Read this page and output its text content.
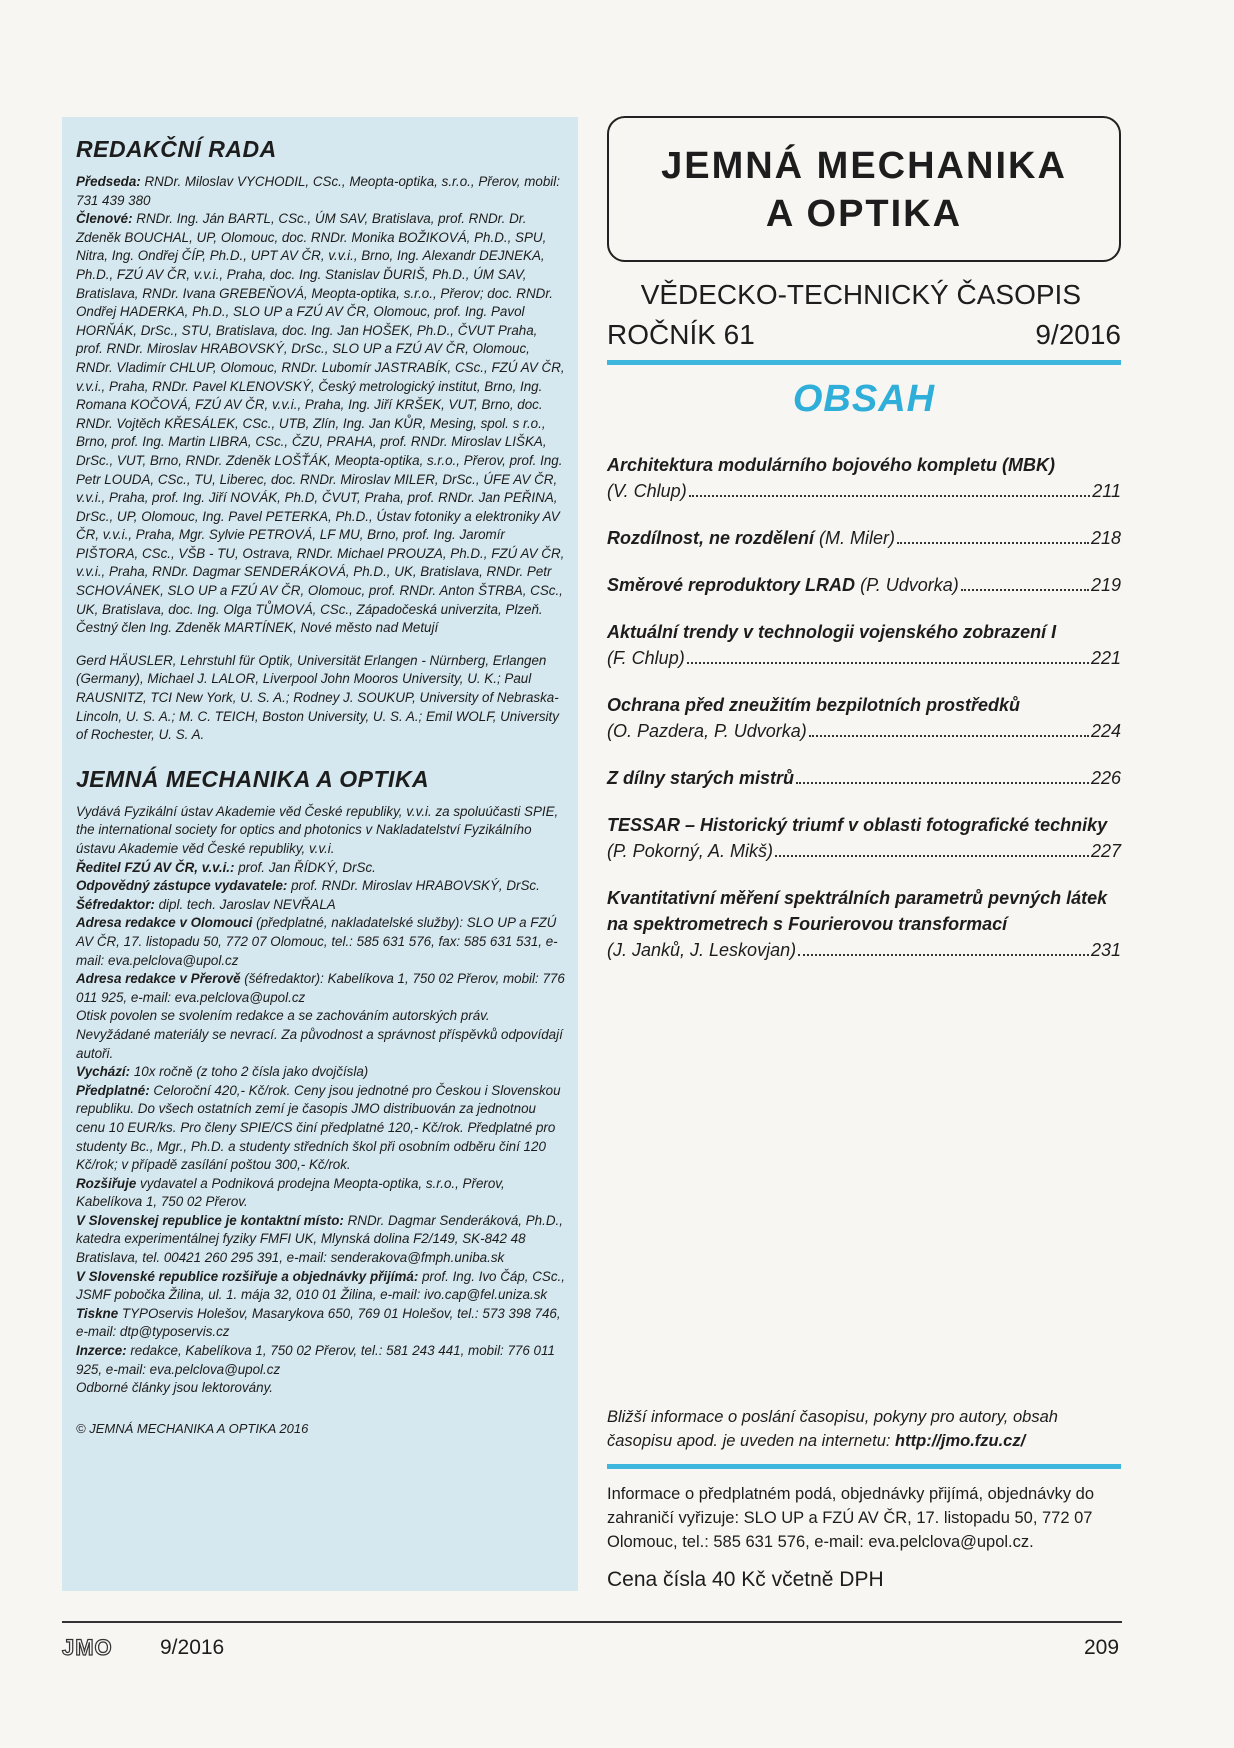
REDAKČNÍ RADA

Předseda: RNDr. Miloslav VYCHODIL, CSc., Meopta-optika, s.r.o., Přerov, mobil: 731 439 380

Členové: RNDr. Ing. Ján BARTL, CSc., ÚM SAV, Bratislava, prof. RNDr. Dr. Zdeněk BOUCHAL, UP, Olomouc, doc. RNDr. Monika BOŽIKOVÁ, Ph.D., SPU, Nitra, Ing. Ondřej ČÍP, Ph.D., UPT AV ČR, v.v.i., Brno, Ing. Alexandr DEJNEKA, Ph.D., FZÚ AV ČR, v.v.i., Praha, doc. Ing. Stanislav ĎURIŠ, Ph.D., ÚM SAV, Bratislava, RNDr. Ivana GREBEŇOVÁ, Meopta-optika, s.r.o., Přerov; doc. RNDr. Ondřej HADERKA, Ph.D., SLO UP a FZÚ AV ČR, Olomouc, prof. Ing. Pavol HORŇÁK, DrSc., STU, Bratislava, doc. Ing. Jan HOŠEK, Ph.D., ČVUT Praha, prof. RNDr. Miroslav HRABOVSKÝ, DrSc., SLO UP a FZÚ AV ČR, Olomouc, RNDr. Vladimír CHLUP, Olomouc, RNDr. Lubomír JASTRABÍK, CSc., FZÚ AV ČR, v.v.i., Praha, RNDr. Pavel KLENOVSKÝ, Český metrologický institut, Brno, Ing. Romana KOČOVÁ, FZÚ AV ČR, v.v.i., Praha, Ing. Jiří KRŠEK, VUT, Brno, doc. RNDr. Vojtěch KŘESÁLEK, CSc., UTB, Zlín, Ing. Jan KŮR, Mesing, spol. s r.o., Brno, prof. Ing. Martin LIBRA, CSc., ČZU, PRAHA, prof. RNDr. Miroslav LIŠKA, DrSc., VUT, Brno, RNDr. Zdeněk LOŠŤÁK, Meopta-optika, s.r.o., Přerov, prof. Ing. Petr LOUDA, CSc., TU, Liberec, doc. RNDr. Miroslav MILER, DrSc., ÚFE AV ČR, v.v.i., Praha, prof. Ing. Jiří NOVÁK, Ph.D, ČVUT, Praha, prof. RNDr. Jan PEŘINA, DrSc., UP, Olomouc, Ing. Pavel PETERKA, Ph.D., Ústav fotoniky a elektroniky AV ČR, v.v.i., Praha, Mgr. Sylvie PETROVÁ, LF MU, Brno, prof. Ing. Jaromír PIŠTORA, CSc., VŠB - TU, Ostrava, RNDr. Michael PROUZA, Ph.D., FZÚ AV ČR, v.v.i., Praha, RNDr. Dagmar SENDERÁKOVÁ, Ph.D., UK, Bratislava, RNDr. Petr SCHOVÁNEK, SLO UP a FZÚ AV ČR, Olomouc, prof. RNDr. Anton ŠTRBA, CSc., UK, Bratislava, doc. Ing. Olga TŮMOVÁ, CSc., Západočeská univerzita, Plzeň. Čestný člen Ing. Zdeněk MARTÍNEK, Nové město nad Metují

Gerd HÄUSLER, Lehrstuhl für Optik, Universität Erlangen - Nürnberg, Erlangen (Germany), Michael J. LALOR, Liverpool John Mooros University, U. K.; Paul RAUSNITZ, TCI New York, U. S. A.; Rodney J. SOUKUP, University of Nebraska-Lincoln, U. S. A.; M. C. TEICH, Boston University, U. S. A.; Emil WOLF, University of Rochester, U. S. A.

JEMNÁ MECHANIKA A OPTIKA

Vydává Fyzikální ústav Akademie věd České republiky, v.v.i. za spoluúčasti SPIE, the international society for optics and photonics v Nakladatelství Fyzikálního ústavu Akademie věd České republiky, v.v.i.

Ředitel FZÚ AV ČR, v.v.i.: prof. Jan ŘÍDKÝ, DrSc.

Odpovědný zástupce vydavatele: prof. RNDr. Miroslav HRABOVSKÝ, DrSc.

Šéfredaktor: dipl. tech. Jaroslav NEVŘALA

Adresa redakce v Olomouci (předplatné, nakladatelské služby): SLO UP a FZÚ AV ČR, 17. listopadu 50, 772 07 Olomouc, tel.: 585 631 576, fax: 585 631 531, e-mail: eva.pelclova@upol.cz

Adresa redakce v Přerově (šéfredaktor): Kabelíkova 1, 750 02 Přerov, mobil: 776 011 925, e-mail: eva.pelclova@upol.cz

Otisk povolen se svolením redakce a se zachováním autorských práv. Nevyžádané materiály se nevrací. Za původnost a správnost příspěvků odpovídají autoři.

Vychází: 10x ročně (z toho 2 čísla jako dvojčísla)

Předplatné: Celoroční 420,- Kč/rok. Ceny jsou jednotné pro Českou i Slovenskou republiku. Do všech ostatních zemí je časopis JMO distribuován za jednotnou cenu 10 EUR/ks. Pro členy SPIE/CS činí předplatné 120,- Kč/rok. Předplatné pro studenty Bc., Mgr., Ph.D. a studenty středních škol při osobním odběru činí 120 Kč/rok; v případě zasílání poštou 300,- Kč/rok.

Rozšiřuje vydavatel a Podniková prodejna Meopta-optika, s.r.o., Přerov, Kabelíkova 1, 750 02 Přerov.

V Slovenskej republice je kontaktní místo: RNDr. Dagmar Senderáková, Ph.D., katedra experimentálnej fyziky FMFI UK, Mlynská dolina F2/149, SK-842 48 Bratislava, tel. 00421 260 295 391, e-mail: senderakova@fmph.uniba.sk

V Slovenské republice rozšiřuje a objednávky přijímá: prof. Ing. Ivo Čáp, CSc., JSMF pobočka Žilina, ul. 1. mája 32, 010 01 Žilina, e-mail: ivo.cap@fel.uniza.sk

Tiskne TYPOservis Holešov, Masarykova 650, 769 01 Holešov, tel.: 573 398 746, e-mail: dtp@typoservis.cz

Inzerce: redakce, Kabelíkova 1, 750 02 Přerov, tel.: 581 243 441, mobil: 776 011 925, e-mail: eva.pelclova@upol.cz

Odborné články jsou lektorovány.

© JEMNÁ MECHANIKA A OPTIKA 2016

JEMNÁ MECHANIKA
A OPTIKA
VĚDECKO-TECHNICKÝ ČASOPIS
ROČNÍK 61	9/2016
OBSAH
Architektura modulárního bojového kompletu (MBK)
(V. Chlup)	211
Rozdílnost, ne rozdělení (M. Miler)	218
Směrové reproduktory LRAD (P. Udvorka)	219
Aktuální trendy v technologii vojenského zobrazení I
(F. Chlup)	221
Ochrana před zneužitím bezpilotních prostředků
(O. Pazdera, P. Udvorka)	224
Z dílny starých mistrů	226
TESSAR – Historický triumf v oblasti fotografické techniky
(P. Pokorný, A. Mikš)	227
Kvantitativní měření spektrálních parametrů pevných látek na spektrometrech s Fourierovou transformací
(J. Janků, J. Leskovjan)	231
Bližší informace o poslání časopisu, pokyny pro autory, obsah časopisu apod. je uveden na internetu: http://jmo.fzu.cz/
Informace o předplatném podá, objednávky přijímá, objednávky do zahraničí vyřizuje: SLO UP a FZÚ AV ČR, 17. listopadu 50, 772 07 Olomouc, tel.: 585 631 576, e-mail: eva.pelclova@upol.cz.
Cena čísla 40 Kč včetně DPH
JMO 9/2016	209
